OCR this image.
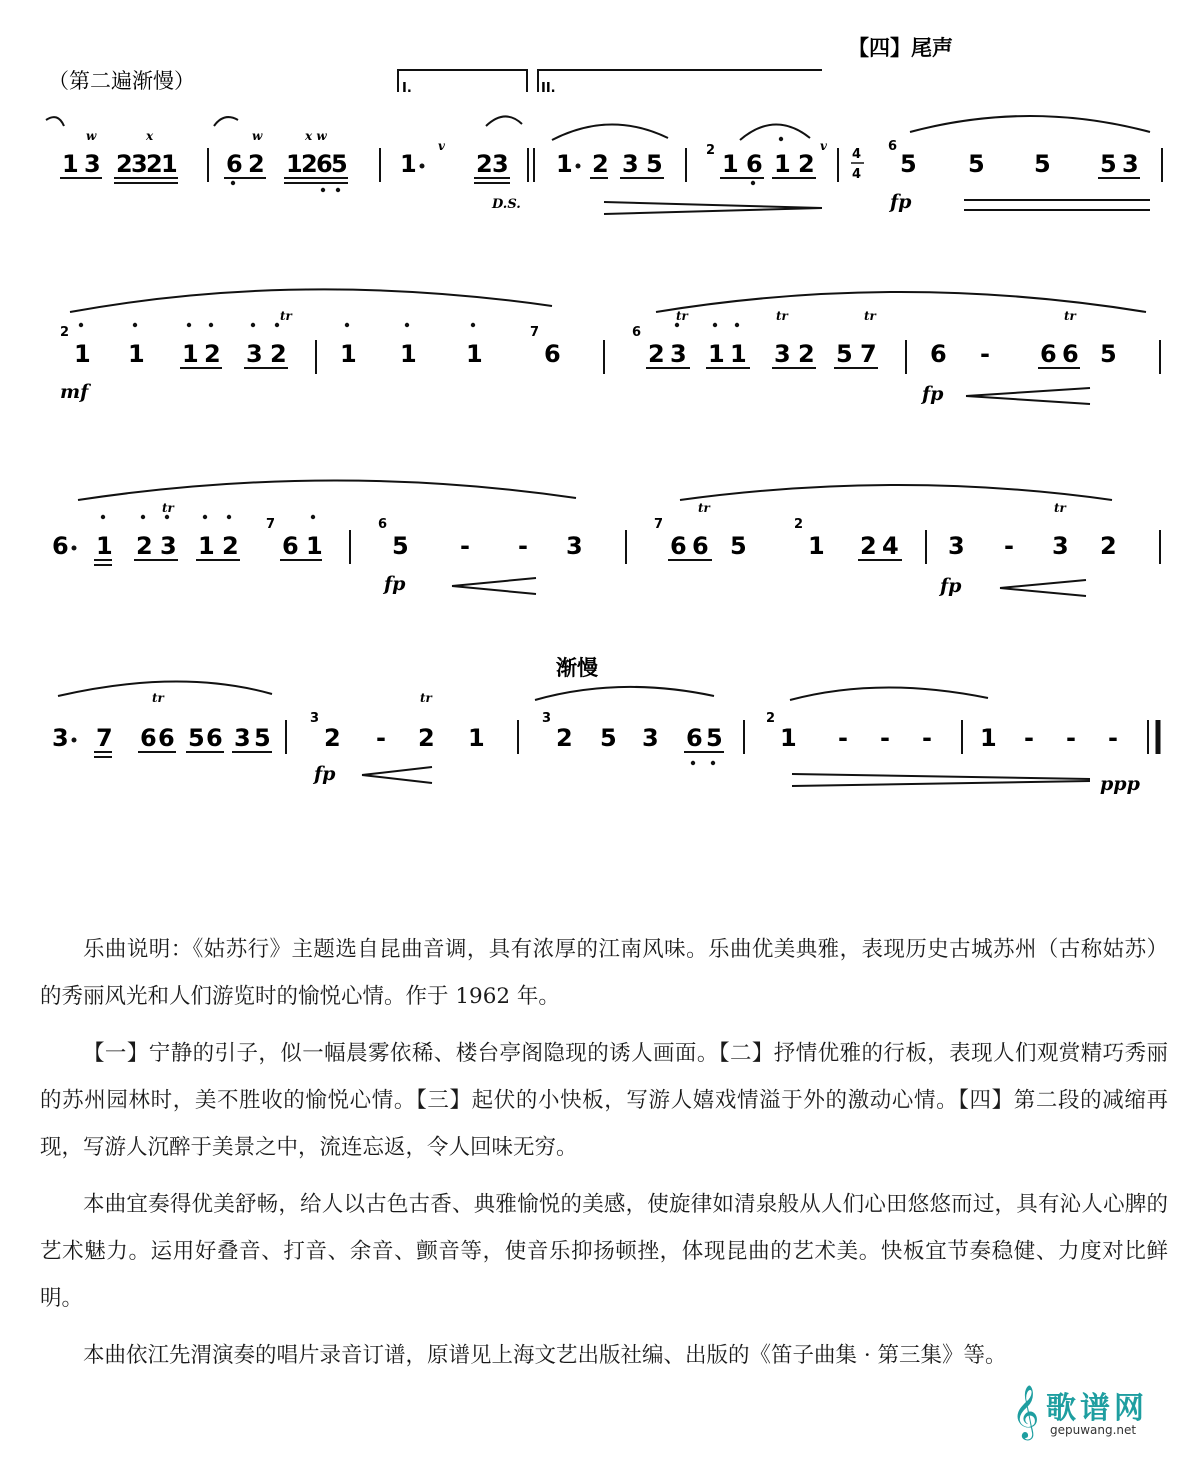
（第二遍渐慢）
【四】尾声
I.	II.
1 3 2
3
2
1
w	x
6 2 1
2
6
5
w	x w
1
v
2 3
D.S.
1 2 3 5	2 1 6 1 2
v
4
4
6
5 5 5 5 3
fp
2
1 1 1 2 3 2
tr
1 1 1
7
6
6
2 3 1 1 3 2 5 7
tr	tr	tr
6 - 6 6 5
tr
mf	fp
6 1 2 3 1 2
7
6 1
tr
6
5 - - 3
7
6 6 5
2
1 2 4
tr
3 - 3 2
tr
fp	fp
渐慢
3 7 6 6 5 6 3 5
tr
3
2 - 2 1
tr
3
2 5 3 6 5
2
1 - - - 1 - - -
fp	ppp

乐曲说明：《姑苏行》主题选自昆曲音调，具有浓厚的江南风味。乐曲优美典雅，表现历史古城苏州（古称姑苏）的秀丽风光和人们游览时的愉悦心情。作于 1962 年。

【一】宁静的引子，似一幅晨雾依稀、楼台亭阁隐现的诱人画面。【二】抒情优雅的行板，表现人们观赏精巧秀丽的苏州园林时，美不胜收的愉悦心情。【三】起伏的小快板，写游人嬉戏情溢于外的激动心情。【四】第二段的减缩再现，写游人沉醉于美景之中，流连忘返，令人回味无穷。

本曲宜奏得优美舒畅，给人以古色古香、典雅愉悦的美感，使旋律如清泉般从人们心田悠悠而过，具有沁人心脾的艺术魅力。运用好叠音、打音、余音、颤音等，使音乐抑扬顿挫，体现昆曲的艺术美。快板宜节奏稳健、力度对比鲜明。

本曲依江先渭演奏的唱片录音订谱，原谱见上海文艺出版社编、出版的《笛子曲集 · 第三集》等。

𝄞 歌谱网
gepuwang.net
